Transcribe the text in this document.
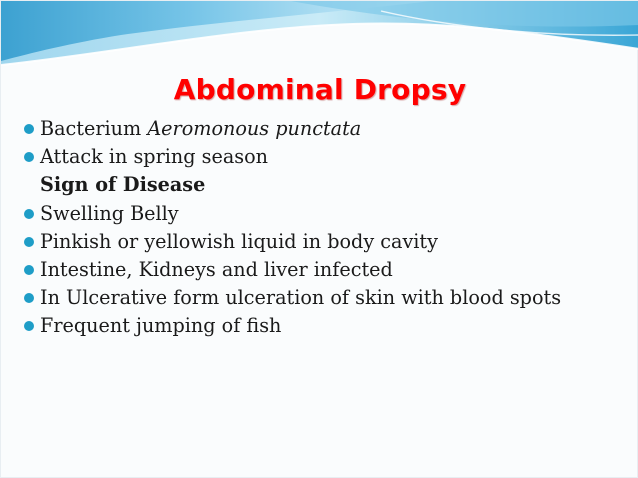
Abdominal Dropsy
Bacterium Aeromonous punctata
Attack in spring season
Sign of Disease
Swelling Belly
Pinkish or yellowish liquid in body cavity
Intestine, Kidneys and liver infected
In Ulcerative form ulceration of skin with blood spots
Frequent jumping of fish
